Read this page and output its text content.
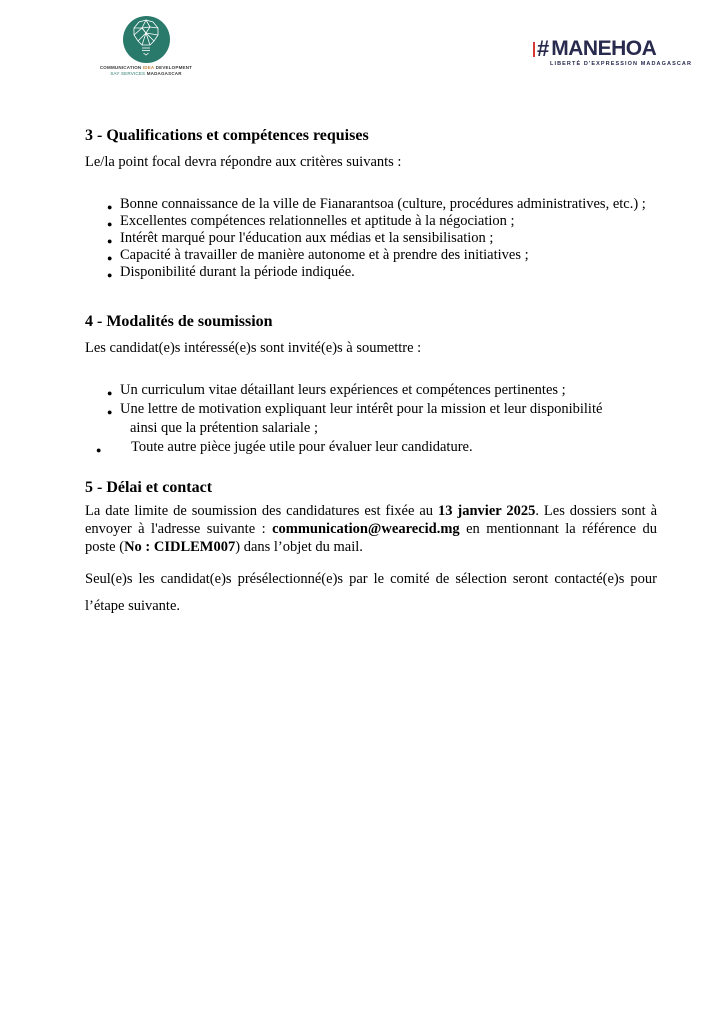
COMMUNICATION IDEA DEVELOPMENT
SAY SERVICES MADAGASCAR
# MANEHOA
LIBERTÉ D'EXPRESSION MADAGASCAR
3 - Qualifications et compétences requises

Le/la point focal devra répondre aux critères suivants :

● Bonne connaissance de la ville de Fianarantsoa (culture, procédures administratives, etc.) ;
● Excellentes compétences relationnelles et aptitude à la négociation ;
● Intérêt marqué pour l'éducation aux médias et la sensibilisation ;
● Capacité à travailler de manière autonome et à prendre des initiatives ;
● Disponibilité durant la période indiquée.
4 - Modalités de soumission

Les candidat(e)s intéressé(e)s sont invité(e)s à soumettre :

● Un curriculum vitae détaillant leurs expériences et compétences pertinentes ;
● Une lettre de motivation expliquant leur intérêt pour la mission et leur disponibilité
ainsi que la prétention salariale ;
● Toute autre pièce jugée utile pour évaluer leur candidature.
5 - Délai et contact

La date limite de soumission des candidatures est fixée au 13 janvier 2025. Les dossiers sont à envoyer à l'adresse suivante : communication@wearecid.mg en mentionnant la référence du poste (No : CIDLEM007) dans l’objet du mail.

Seul(e)s les candidat(e)s présélectionné(e)s par le comité de sélection seront contacté(e)s pour l’étape suivante.
